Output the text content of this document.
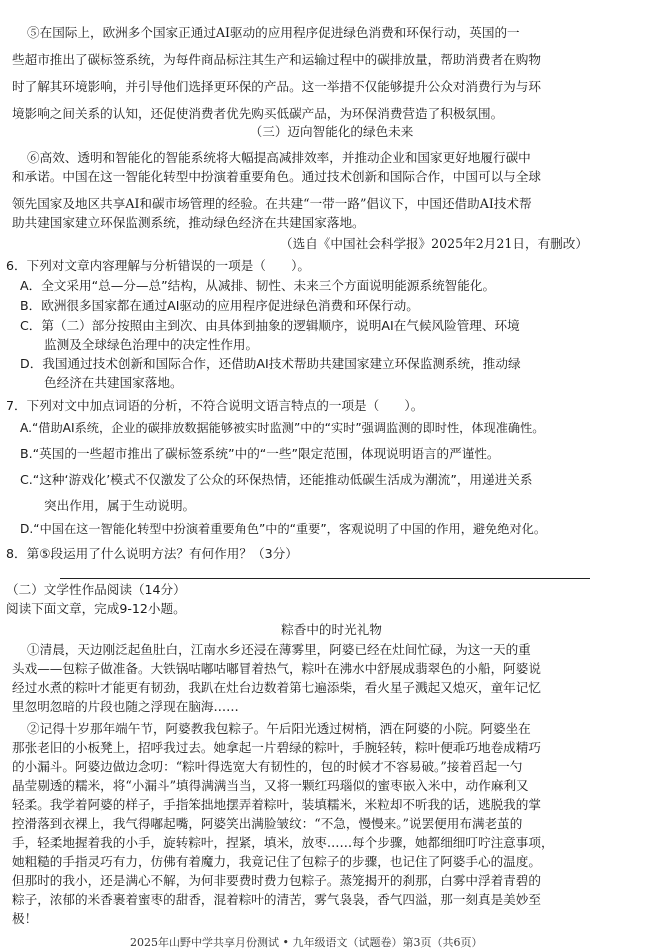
⑤在国际上，欧洲多个国家正通过AI驱动的应用程序促进绿色消费和环保行动，英国的一
些超市推出了碳标签系统，为每件商品标注其生产和运输过程中的碳排放量，帮助消费者在购物
时了解其环境影响，并引导他们选择更环保的产品。这一举措不仅能够提升公众对消费行为与环
境影响之间关系的认知，还促使消费者优先购买低碳产品，为环保消费营造了积极氛围。
（三）迈向智能化的绿色未来
⑥高效、透明和智能化的智能系统将大幅提高减排效率，并推动企业和国家更好地履行碳中
和承诺。中国在这一智能化转型中扮演着重要角色。通过技术创新和国际合作，中国可以与全球
领先国家及地区共享AI和碳市场管理的经验。在共建“一带一路”倡议下，中国还借助AI技术帮
助共建国家建立环保监测系统，推动绿色经济在共建国家落地。
（选自《中国社会科学报》2025年2月21日，有删改）
6．下列对文章内容理解与分析错误的一项是（　　）。
A．全文采用“总—分—总”结构，从减排、韧性、未来三个方面说明能源系统智能化。
B．欧洲很多国家都在通过AI驱动的应用程序促进绿色消费和环保行动。
C．第（二）部分按照由主到次、由具体到抽象的逻辑顺序，说明AI在气候风险管理、环境
监测及全球绿色治理中的决定性作用。
D．我国通过技术创新和国际合作，还借助AI技术帮助共建国家建立环保监测系统，推动绿
色经济在共建国家落地。
7．下列对文中加点词语的分析，不符合说明文语言特点的一项是（　　）。
A.“借助AI系统，企业的碳排放数据能够被实时监测”中的“实时”强调监测的即时性，体现准确性。
B.“英国的一些超市推出了碳标签系统”中的“一些”限定范围，体现说明语言的严谨性。
C.“这种‘游戏化’模式不仅激发了公众的环保热情，还能推动低碳生活成为潮流”，用递进关系
突出作用，属于生动说明。
D.“中国在这一智能化转型中扮演着重要角色”中的“重要”，客观说明了中国的作用，避免绝对化。
8．第⑤段运用了什么说明方法？有何作用？（3分）
（二）文学性作品阅读（14分）
阅读下面文章，完成9-12小题。
粽香中的时光礼物
①清晨，天边刚泛起鱼肚白，江南水乡还浸在薄雾里，阿婆已经在灶间忙碌，为这一天的重
头戏——包粽子做准备。大铁锅咕嘟咕嘟冒着热气，粽叶在沸水中舒展成翡翠色的小船，阿婆说
经过水煮的粽叶才能更有韧劲，我趴在灶台边数着第七遍添柴，看火星子溅起又熄灭，童年记忆
里忽明忽暗的片段也随之浮现在脑海……
②记得十岁那年端午节，阿婆教我包粽子。午后阳光透过树梢，洒在阿婆的小院。阿婆坐在
那张老旧的小板凳上，招呼我过去。她拿起一片碧绿的粽叶，手腕轻转，粽叶便乖巧地卷成精巧
的小漏斗。阿婆边做边念叨：“粽叶得选宽大有韧性的，包的时候才不容易破。”接着舀起一勺
晶莹剔透的糯米，将“小漏斗”填得满满当当，又将一颗红玛瑙似的蜜枣嵌入米中，动作麻利又
轻柔。我学着阿婆的样子，手指笨拙地摆弄着粽叶，装填糯米，米粒却不听我的话，逃脱我的掌
控滑落到衣裸上，我气得嘟起嘴，阿婆笑出满脸皱纹：“不急，慢慢来。”说罢便用布满老茧的
手，轻柔地握着我的小手，旋转粽叶，捏紧，填米，放枣……每个步骤，她都细细叮咛注意事项，
她粗糙的手指灵巧有力，仿佛有着魔力，我竟记住了包粽子的步骤，也记住了阿婆手心的温度。
但那时的我小，还是满心不解，为何非要费时费力包粽子。蒸笼揭开的刹那，白雾中浮着青碧的
粽子，浓郁的米香裹着蜜枣的甜香，混着粽叶的清苦，雾气袅袅，香气四溢，那一刻真是美妙至
极！
2025年山野中学共享月份测试 • 九年级语文（试题卷）第3页（共6页）
